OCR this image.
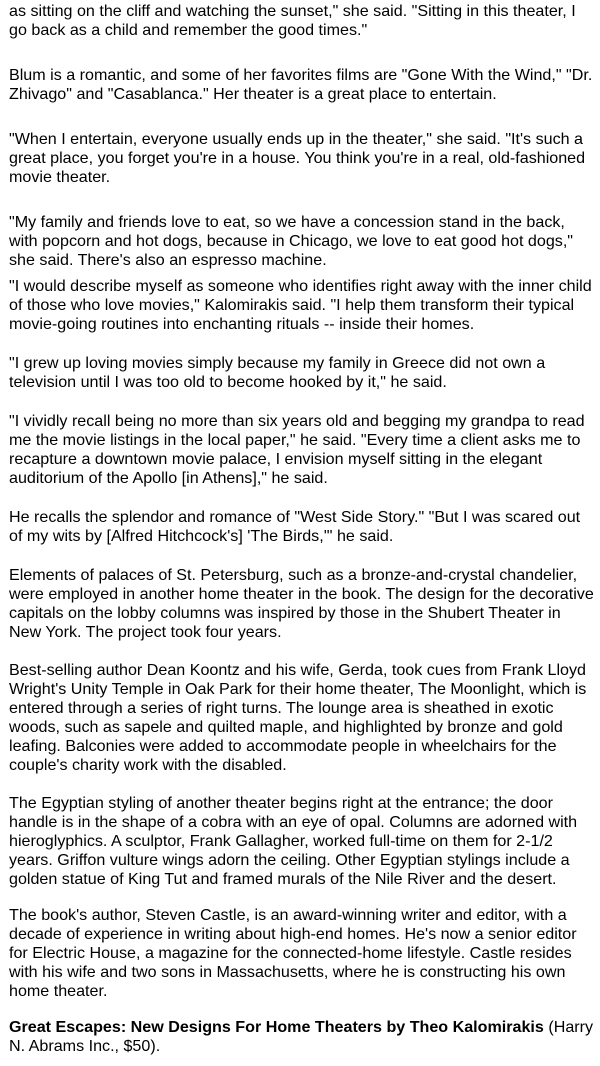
as sitting on the cliff and watching the sunset," she said. "Sitting in this theater, I go back as a child and remember the good times."

Blum is a romantic, and some of her favorites films are "Gone With the Wind," "Dr. Zhivago" and "Casablanca." Her theater is a great place to entertain.

"When I entertain, everyone usually ends up in the theater," she said. "It's such a great place, you forget you're in a house. You think you're in a real, old-fashioned movie theater.

"My family and friends love to eat, so we have a concession stand in the back, with popcorn and hot dogs, because in Chicago, we love to eat good hot dogs," she said. There's also an espresso machine.

"I would describe myself as someone who identifies right away with the inner child of those who love movies," Kalomirakis said. "I help them transform their typical movie-going routines into enchanting rituals -- inside their homes.

"I grew up loving movies simply because my family in Greece did not own a television until I was too old to become hooked by it," he said.

"I vividly recall being no more than six years old and begging my grandpa to read me the movie listings in the local paper," he said. "Every time a client asks me to recapture a downtown movie palace, I envision myself sitting in the elegant auditorium of the Apollo [in Athens]," he said.

He recalls the splendor and romance of "West Side Story." "But I was scared out of my wits by [Alfred Hitchcock's] 'The Birds,'" he said.

Elements of palaces of St. Petersburg, such as a bronze-and-crystal chandelier, were employed in another home theater in the book. The design for the decorative capitals on the lobby columns was inspired by those in the Shubert Theater in New York. The project took four years.

Best-selling author Dean Koontz and his wife, Gerda, took cues from Frank Lloyd Wright's Unity Temple in Oak Park for their home theater, The Moonlight, which is entered through a series of right turns. The lounge area is sheathed in exotic woods, such as sapele and quilted maple, and highlighted by bronze and gold leafing. Balconies were added to accommodate people in wheelchairs for the couple's charity work with the disabled.

The Egyptian styling of another theater begins right at the entrance; the door handle is in the shape of a cobra with an eye of opal. Columns are adorned with hieroglyphics. A sculptor, Frank Gallagher, worked full-time on them for 2-1/2 years. Griffon vulture wings adorn the ceiling. Other Egyptian stylings include a golden statue of King Tut and framed murals of the Nile River and the desert.

The book's author, Steven Castle, is an award-winning writer and editor, with a decade of experience in writing about high-end homes. He's now a senior editor for Electric House, a magazine for the connected-home lifestyle. Castle resides with his wife and two sons in Massachusetts, where he is constructing his own home theater.

Great Escapes: New Designs For Home Theaters by Theo Kalomirakis (Harry N. Abrams Inc., $50).
